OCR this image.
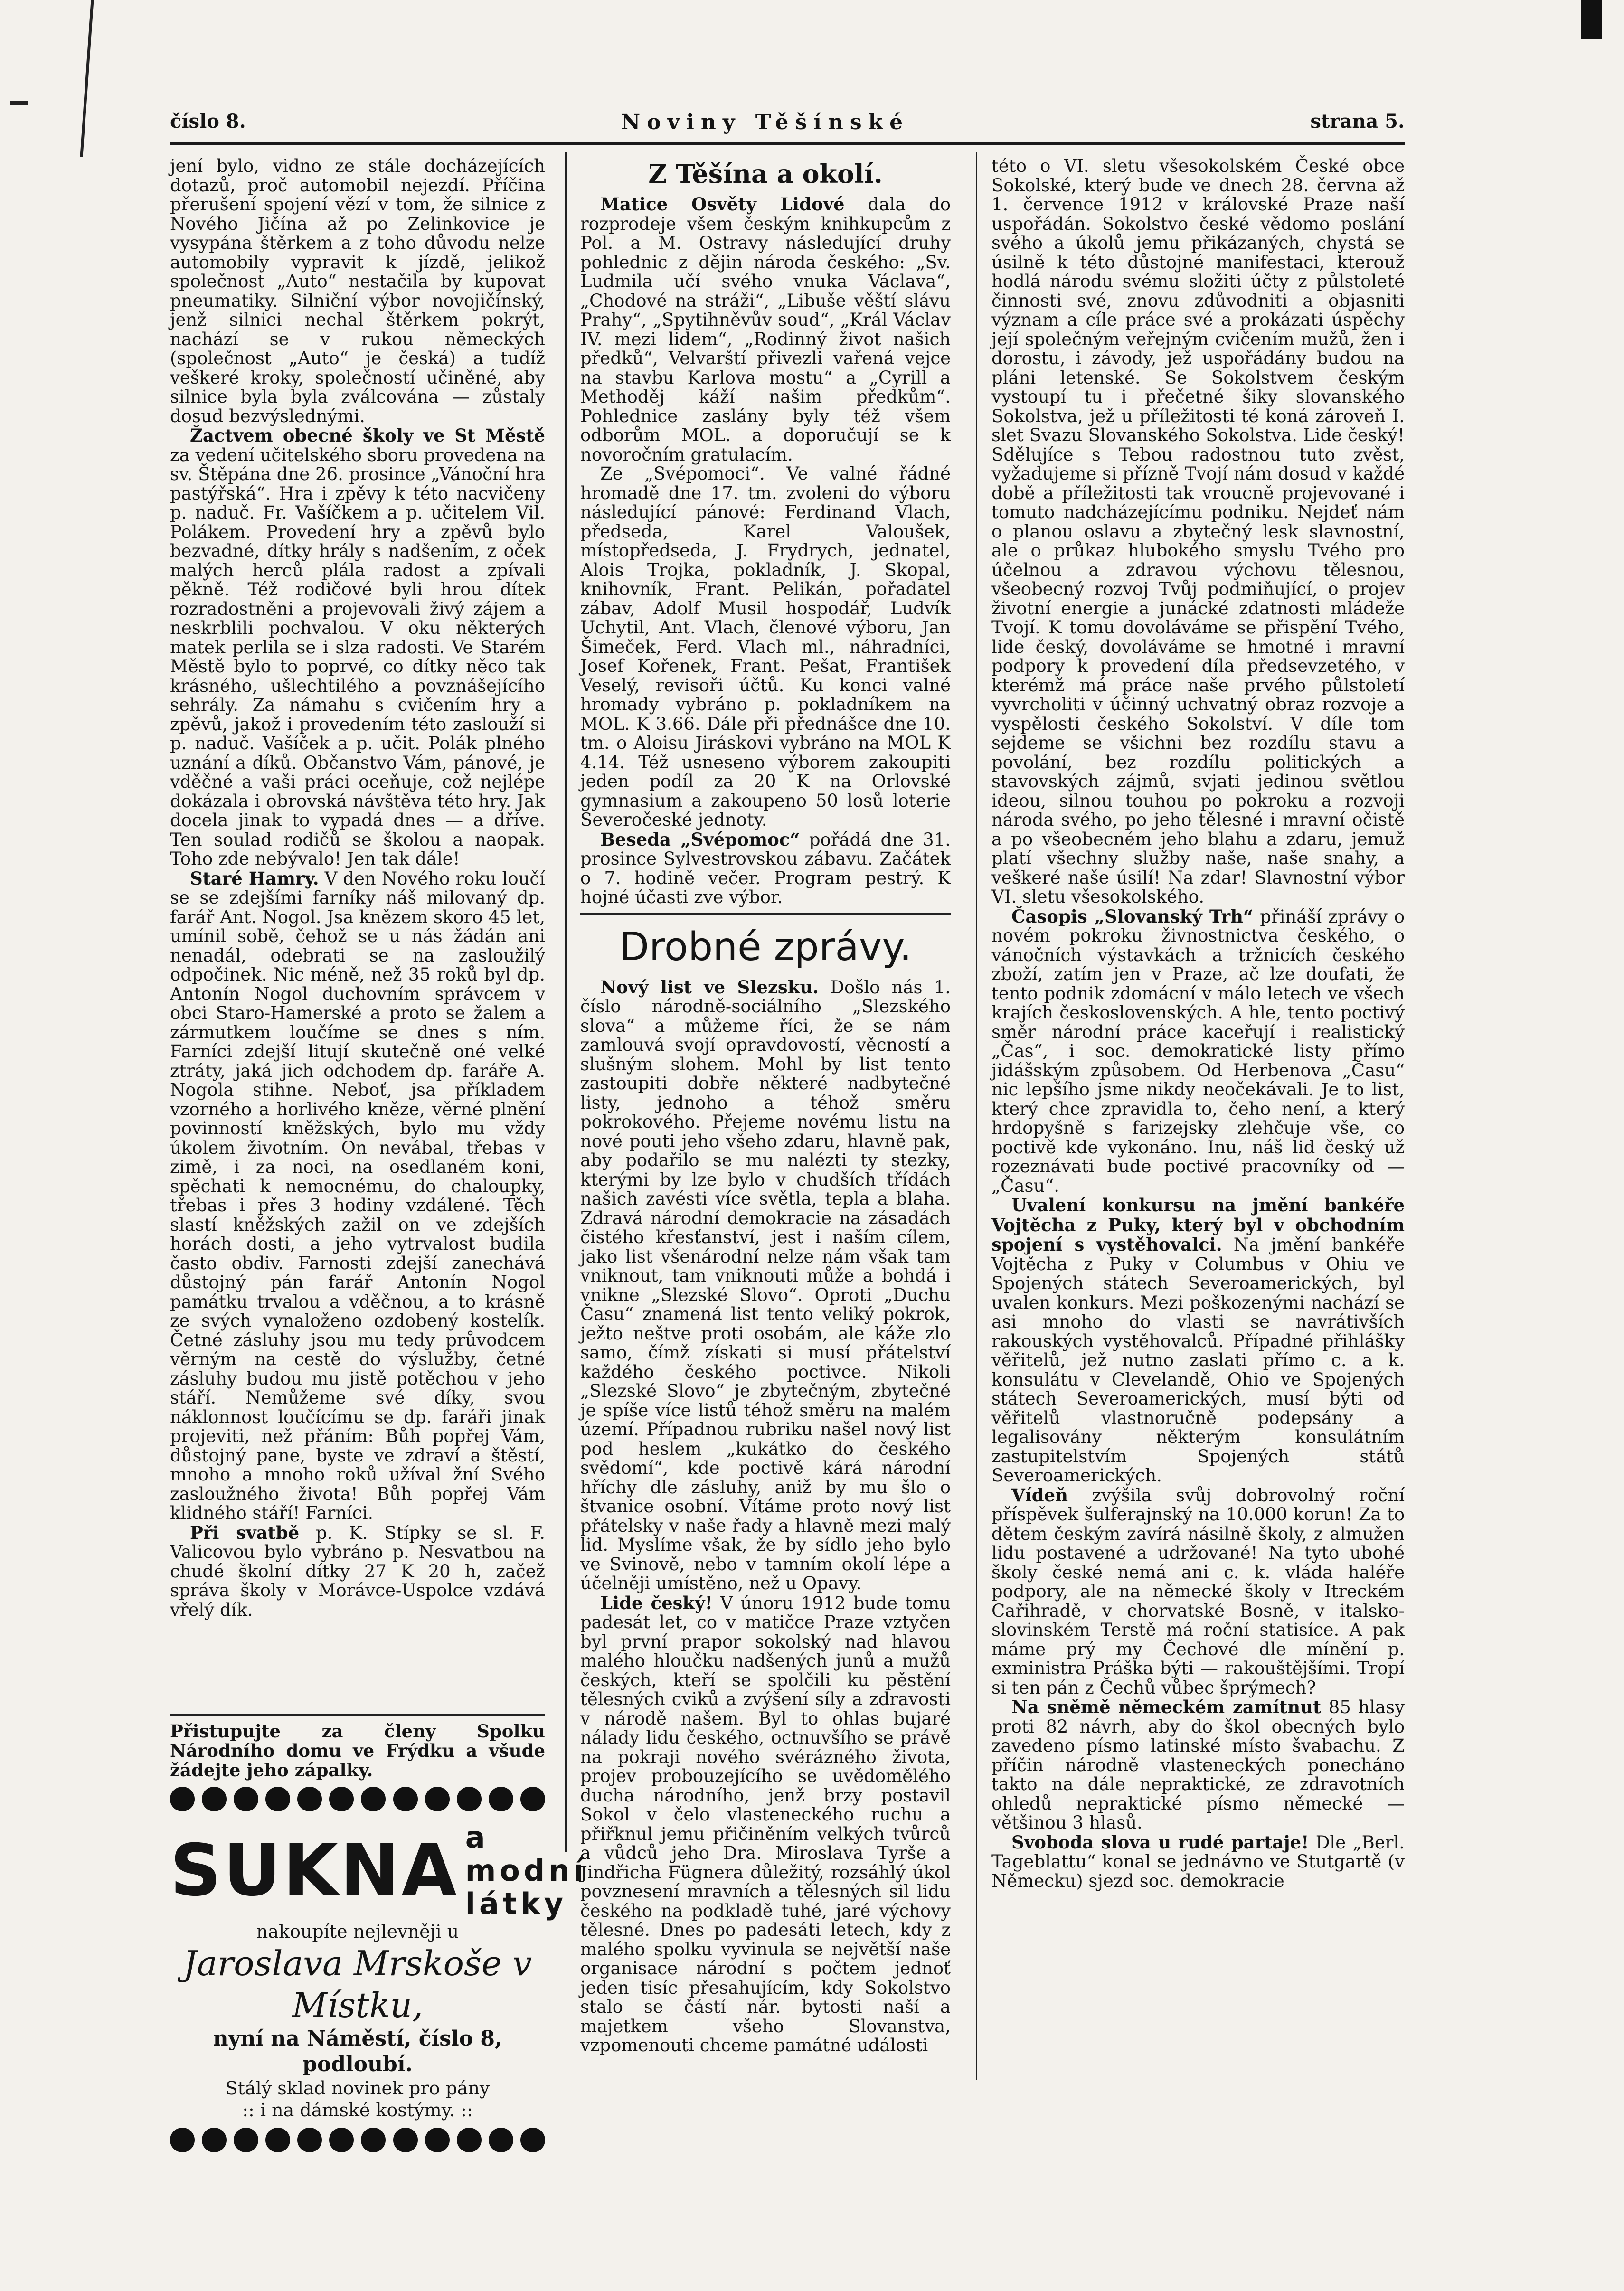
číslo 8.	Noviny Těšínské	strana 5.

jení bylo, vidno ze stále docházejících dotazů, proč automobil nejezdí. Příčina přerušení spojení vězí v tom, že silnice z Nového Jičína až po Zelinkovice je vysypána štěrkem a z toho důvodu nelze automobily vypravit k jízdě, jelikož společnost „Auto“ nestačila by kupovat pneumatiky. Silniční výbor novojičínský, jenž silnici nechal štěrkem pokrýt, nachází se v rukou německých (společnost „Auto“ je česká) a tudíž veškeré kroky, společností učiněné, aby silnice byla byla zválcována — zůstaly dosud bezvýslednými.

Žactvem obecné školy ve St Městě za vedení učitelského sboru provedena na sv. Štěpána dne 26. prosince „Vánoční hra pastýřská“. Hra i zpěvy k této nacvičeny p. naduč. Fr. Vašíčkem a p. učitelem Vil. Polákem. Provedení hry a zpěvů bylo bezvadné, dítky hrály s nadšením, z oček malých herců plála radost a zpívali pěkně. Též rodičové byli hrou dítek rozradostněni a projevovali živý zájem a neskrblili pochvalou. V oku některých matek perlila se i slza radosti. Ve Starém Městě bylo to poprvé, co dítky něco tak krásného, ušlechtilého a povznášejícího sehrály. Za námahu s cvičením hry a zpěvů, jakož i provedením této zaslouží si p. naduč. Vašíček a p. učit. Polák plného uznání a díků. Občanstvo Vám, pánové, je vděčné a vaši práci oceňuje, což nejlépe dokázala i obrovská návštěva této hry. Jak docela jinak to vypadá dnes — a dříve. Ten soulad rodičů se školou a naopak. Toho zde nebývalo! Jen tak dále!

Staré Hamry. V den Nového roku loučí se se zdejšími farníky náš milovaný dp. farář Ant. Nogol. Jsa knězem skoro 45 let, umínil sobě, čehož se u nás žádán ani nenadál, odebrati se na zasloužilý odpočinek. Nic méně, než 35 roků byl dp. Antonín Nogol duchovním správcem v obci Staro-Hamerské a proto se žalem a zármutkem loučíme se dnes s ním. Farníci zdejší litují skutečně oné velké ztráty, jaká jich odchodem dp. faráře A. Nogola stihne. Neboť, jsa příkladem vzorného a horlivého kněze, věrné plnění povinností kněžských, bylo mu vždy úkolem životním. On nevábal, třebas v zimě, i za noci, na osedlaném koni, spěchati k nemocnému, do chaloupky, třebas i přes 3 hodiny vzdálené. Těch slastí kněžských zažil on ve zdejších horách dosti, a jeho vytrvalost budila často obdiv. Farnosti zdejší zanechává důstojný pán farář Antonín Nogol památku trvalou a vděčnou, a to krásně ze svých vynaloženo ozdobený kostelík. Četné zásluhy jsou mu tedy průvodcem věrným na cestě do výslužby, četné zásluhy budou mu jistě potěchou v jeho stáří. Nemůžeme své díky, svou náklonnost loučícímu se dp. faráři jinak projeviti, než přáním: Bůh popřej Vám, důstojný pane, byste ve zdraví a štěstí, mnoho a mnoho roků užíval žní Svého zasloužného života! Bůh popřej Vám klidného stáří! Farníci.

Při svatbě p. K. Stípky se sl. F. Valicovou bylo vybráno p. Nesvatbou na chudé školní dítky 27 K 20 h, začež správa školy v Morávce-Uspolce vzdává vřelý dík.

Přistupujte za členy Spolku Národního domu ve Frýdku a všude žádejte jeho zápalky.
SUKNA a modní
látky
nakoupíte nejlevněji u
Jaroslava Mrskoše v Místku,
nyní na Náměstí, číslo 8, podloubí.
Stálý sklad novinek pro pány
:: i na dámské kostýmy. ::
Z Těšína a okolí.

Matice Osvěty Lidové dala do rozprodeje všem českým knihkupcům z Pol. a M. Ostravy následující druhy pohlednic z dějin národa českého: „Sv. Ludmila učí svého vnuka Václava“, „Chodové na stráži“, „Libuše věští slávu Prahy“, „Spytihněvův soud“, „Král Václav IV. mezi lidem“, „Rodinný život našich předků“, Velvarští přivezli vařená vejce na stavbu Karlova mostu“ a „Cyrill a Methoděj káží našim předkům“. Pohlednice zaslány byly též všem odborům MOL. a doporučují se k novoročním gratulacím.

Ze „Svépomoci“. Ve valné řádné hromadě dne 17. tm. zvoleni do výboru následující pánové: Ferdinand Vlach, předseda, Karel Valoušek, místopředseda, J. Frydrych, jednatel, Alois Trojka, pokladník, J. Skopal, knihovník, Frant. Pelikán, pořadatel zábav, Adolf Musil hospodář, Ludvík Uchytil, Ant. Vlach, členové výboru, Jan Šimeček, Ferd. Vlach ml., náhradníci, Josef Kořenek, Frant. Pešat, František Veselý, revisoři účtů. Ku konci valné hromady vybráno p. pokladníkem na MOL. K 3.66. Dále při přednášce dne 10. tm. o Aloisu Jiráskovi vybráno na MOL K 4.14. Též usneseno výborem zakoupiti jeden podíl za 20 K na Orlovské gymnasium a zakoupeno 50 losů loterie Severočeské jednoty.

Beseda „Svépomoc“ pořádá dne 31. prosince Sylvestrovskou zábavu. Začátek o 7. hodině večer. Program pestrý. K hojné účasti zve výbor.

Drobné zprávy.

Nový list ve Slezsku. Došlo nás 1. číslo národně-sociálního „Slezského slova“ a můžeme říci, že se nám zamlouvá svojí opravdovostí, věcností a slušným slohem. Mohl by list tento zastoupiti dobře některé nadbytečné listy, jednoho a téhož směru pokrokového. Přejeme novému listu na nové pouti jeho všeho zdaru, hlavně pak, aby podařilo se mu nalézti ty stezky, kterými by lze bylo v chudších třídách našich zavésti více světla, tepla a blaha. Zdravá národní demokracie na zásadách čistého křesťanství, jest i naším cílem, jako list všenárodní nelze nám však tam vniknout, tam vniknouti může a bohdá i vnikne „Slezské Slovo“. Oproti „Duchu Času“ znamená list tento veliký pokrok, ježto neštve proti osobám, ale káže zlo samo, čímž získati si musí přátelství každého českého poctivce. Nikoli „Slezské Slovo“ je zbytečným, zbytečné je spíše více listů téhož směru na malém území. Případnou rubriku našel nový list pod heslem „kukátko do českého svědomí“, kde poctivě kárá národní hříchy dle zásluhy, aniž by mu šlo o štvanice osobní. Vítáme proto nový list přátelsky v naše řady a hlavně mezi malý lid. Myslíme však, že by sídlo jeho bylo ve Svinově, nebo v tamním okolí lépe a účelněji umístěno, než u Opavy.

Lide český! V únoru 1912 bude tomu padesát let, co v matičce Praze vztyčen byl první prapor sokolský nad hlavou malého hloučku nadšených junů a mužů českých, kteří se spolčili ku pěstění tělesných cviků a zvýšení síly a zdravosti v národě našem. Byl to ohlas bujaré nálady lidu českého, octnuvšího se právě na pokraji nového svérázného života, projev probouzejícího se uvědomělého ducha národního, jenž brzy postavil Sokol v čelo vlasteneckého ruchu a přiřknul jemu přičiněním velkých tvůrců a vůdců jeho Dra. Miroslava Tyrše a Jindřicha Fügnera důležitý, rozsáhlý úkol povznesení mravních a tělesných sil lidu českého na podkladě tuhé, jaré výchovy tělesné. Dnes po padesáti letech, kdy z malého spolku vyvinula se největší naše organisace národní s počtem jednoť jeden tisíc přesahujícím, kdy Sokolstvo stalo se částí nár. bytosti naší a majetkem všeho Slovanstva, vzpomenouti chceme památné události

této o VI. sletu všesokolském České obce Sokolské, který bude ve dnech 28. června až 1. července 1912 v královské Praze naší uspořádán. Sokolstvo české vědomo poslání svého a úkolů jemu přikázaných, chystá se úsilně k této důstojné manifestaci, kterouž hodlá národu svému složiti účty z půlstoleté činnosti své, znovu zdůvodniti a objasniti význam a cíle práce své a prokázati úspěchy její společným veřejným cvičením mužů, žen i dorostu, i závody, jež uspořádány budou na pláni letenské. Se Sokolstvem českým vystoupí tu i přečetné šiky slovanského Sokolstva, jež u příležitosti té koná zároveň I. slet Svazu Slovanského Sokolstva. Lide český! Sdělujíce s Tebou radostnou tuto zvěst, vyžadujeme si přízně Tvojí nám dosud v každé době a příležitosti tak vroucně projevované i tomuto nadcházejícímu podniku. Nejdeť nám o planou oslavu a zbytečný lesk slavnostní, ale o průkaz hlubokého smyslu Tvého pro účelnou a zdravou výchovu tělesnou, všeobecný rozvoj Tvůj podmiňující, o projev životní energie a junácké zdatnosti mládeže Tvojí. K tomu dovoláváme se přispění Tvého, lide český, dovoláváme se hmotné i mravní podpory k provedení díla předsevzetého, v kterémž má práce naše prvého půlstoletí vyvrcholiti v účinný uchvatný obraz rozvoje a vyspělosti českého Sokolství. V díle tom sejdeme se všichni bez rozdílu stavu a povolání, bez rozdílu politických a stavovských zájmů, svjati jedinou světlou ideou, silnou touhou po pokroku a rozvoji národa svého, po jeho tělesné i mravní očistě a po všeobecném jeho blahu a zdaru, jemuž platí všechny služby naše, naše snahy, a veškeré naše úsilí! Na zdar! Slavnostní výbor VI. sletu všesokolského.

Časopis „Slovanský Trh“ přináší zprávy o novém pokroku živnostnictva českého, o vánočních výstavkách a tržnicích českého zboží, zatím jen v Praze, ač lze doufati, že tento podnik zdomácní v málo letech ve všech krajích československých. A hle, tento poctivý směr národní práce kaceřují i realistický „Čas“, i soc. demokratické listy přímo jidášským způsobem. Od Herbenova „Času“ nic lepšího jsme nikdy neočekávali. Je to list, který chce zpravidla to, čeho není, a který hrdopyšně s farizejsky zlehčuje vše, co poctivě kde vykonáno. Inu, náš lid český už rozeznávati bude poctivé pracovníky od — „Času“.

Uvalení konkursu na jmění bankéře Vojtěcha z Puky, který byl v obchodním spojení s vystěhovalci. Na jmění bankéře Vojtěcha z Puky v Columbus v Ohiu ve Spojených státech Severoamerických, byl uvalen konkurs. Mezi poškozenými nachází se asi mnoho do vlasti se navrátivších rakouských vystěhovalců. Případné přihlášky věřitelů, jež nutno zaslati přímo c. a k. konsulátu v Clevelandě, Ohio ve Spojených státech Severoamerických, musí býti od věřitelů vlastnoručně podepsány a legalisovány některým konsulátním zastupitelstvím Spojených států Severoamerických.

Vídeň zvýšila svůj dobrovolný roční příspěvek šulferajnský na 10.000 korun! Za to dětem českým zavírá násilně školy, z almužen lidu postavené a udržované! Na tyto ubohé školy české nemá ani c. k. vláda haléře podpory, ale na německé školy v Itreckém Cařihradě, v chorvatské Bosně, v italsko-slovinském Terstě má roční statisíce. A pak máme prý my Čechové dle mínění p. exministra Práška býti — rakouštějšími. Tropí si ten pán z Čechů vůbec šprýmech?

Na sněmě německém zamítnut 85 hlasy proti 82 návrh, aby do škol obecných bylo zavedeno písmo latinské místo švabachu. Z příčin národně vlasteneckých ponecháno takto na dále nepraktické, ze zdravotních ohledů nepraktické písmo německé — většinou 3 hlasů.

Svoboda slova u rudé partaje! Dle „Berl. Tageblattu“ konal se jednávno ve Stutgartě (v Německu) sjezd soc. demokracie
